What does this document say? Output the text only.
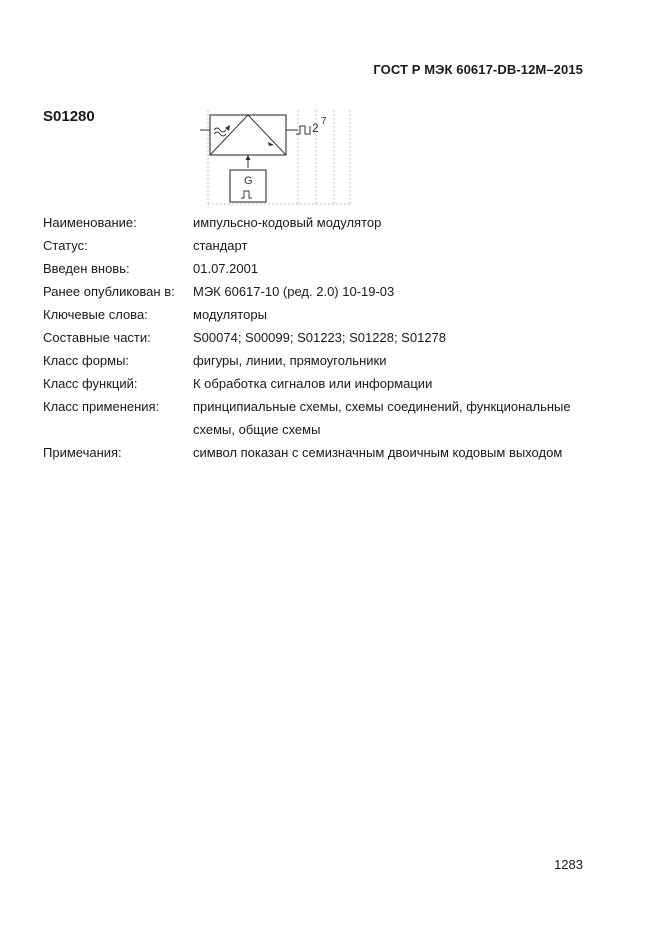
ГОСТ Р МЭК 60617-DB-12М–2015
S01280
2 7
G
Наименование:	импульсно-кодовый модулятор
Статус:	стандарт
Введен вновь:	01.07.2001
Ранее опубликован в:	МЭК 60617-10 (ред. 2.0) 10-19-03
Ключевые слова:	модуляторы
Составные части:	S00074; S00099; S01223; S01228; S01278
Класс формы:	фигуры, линии, прямоугольники
Класс функций:	К обработка сигналов или информации
Класс применения:	принципиальные схемы, схемы соединений, функциональные схемы, общие схемы
Примечания:	символ показан с семизначным двоичным кодовым выходом
1283
